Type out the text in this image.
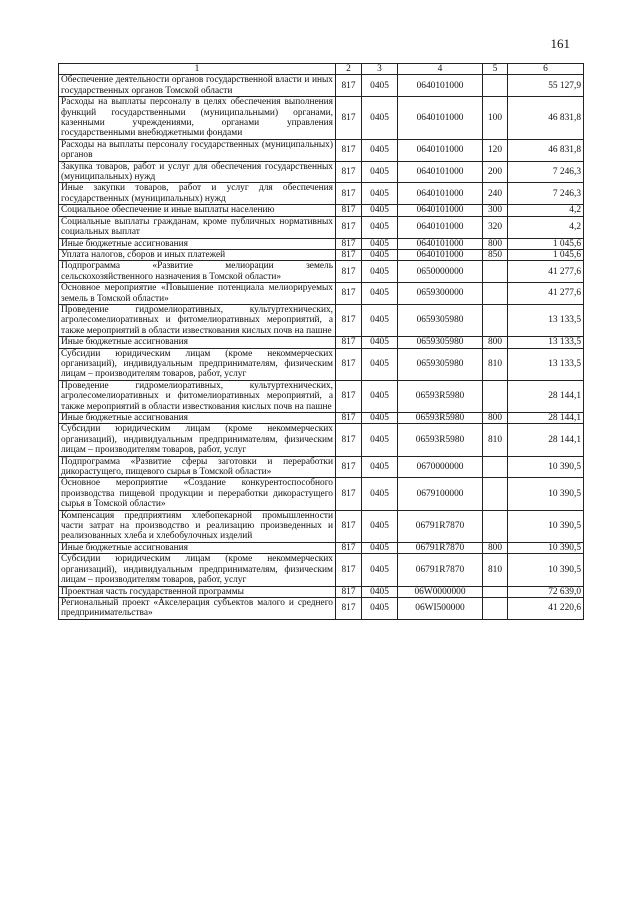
161
1	2	3	4	5	6
Обеспечение деятельности органов государственной власти и иных государственных органов Томской области	817	0405	0640101000		55 127,9
Расходы на выплаты персоналу в целях обеспечения выполнения функций государственными (муниципальными) органами, казенными учреждениями, органами управления государственными внебюджетными фондами	817	0405	0640101000	100	46 831,8
Расходы на выплаты персоналу государственных (муниципальных) органов	817	0405	0640101000	120	46 831,8
Закупка товаров, работ и услуг для обеспечения государственных (муниципальных) нужд	817	0405	0640101000	200	7 246,3
Иные закупки товаров, работ и услуг для обеспечения государственных (муниципальных) нужд	817	0405	0640101000	240	7 246,3
Социальное обеспечение и иные выплаты населению	817	0405	0640101000	300	4,2
Социальные выплаты гражданам, кроме публичных нормативных социальных выплат	817	0405	0640101000	320	4,2
Иные бюджетные ассигнования	817	0405	0640101000	800	1 045,6
Уплата налогов, сборов и иных платежей	817	0405	0640101000	850	1 045,6
Подпрограмма «Развитие мелиорации земель сельскохозяйственного назначения в Томской области»	817	0405	0650000000		41 277,6
Основное мероприятие «Повышение потенциала мелиорируемых земель в Томской области»	817	0405	0659300000		41 277,6
Проведение гидромелиоративных, культуртехнических, агролесомелиоративных и фитомелиоративных мероприятий, а также мероприятий в области известкования кислых почв на пашне	817	0405	0659305980		13 133,5
Иные бюджетные ассигнования	817	0405	0659305980	800	13 133,5
Субсидии юридическим лицам (кроме некоммерческих организаций), индивидуальным предпринимателям, физическим лицам – производителям товаров, работ, услуг	817	0405	0659305980	810	13 133,5
Проведение гидромелиоративных, культуртехнических, агролесомелиоративных и фитомелиоративных мероприятий, а также мероприятий в области известкования кислых почв на пашне	817	0405	06593R5980		28 144,1
Иные бюджетные ассигнования	817	0405	06593R5980	800	28 144,1
Субсидии юридическим лицам (кроме некоммерческих организаций), индивидуальным предпринимателям, физическим лицам – производителям товаров, работ, услуг	817	0405	06593R5980	810	28 144,1
Подпрограмма «Развитие сферы заготовки и переработки дикорастущего, пищевого сырья в Томской области»	817	0405	0670000000		10 390,5
Основное мероприятие «Создание конкурентоспособного производства пищевой продукции и переработки дикорастущего сырья в Томской области»	817	0405	0679100000		10 390,5
Компенсация предприятиям хлебопекарной промышленности части затрат на производство и реализацию произведенных и реализованных хлеба и хлебобулочных изделий	817	0405	06791R7870		10 390,5
Иные бюджетные ассигнования	817	0405	06791R7870	800	10 390,5
Субсидии юридическим лицам (кроме некоммерческих организаций), индивидуальным предпринимателям, физическим лицам – производителям товаров, работ, услуг	817	0405	06791R7870	810	10 390,5
Проектная часть государственной программы	817	0405	06W0000000		72 639,0
Региональный проект «Акселерация субъектов малого и среднего предпринимательства»	817	0405	06WI500000		41 220,6
